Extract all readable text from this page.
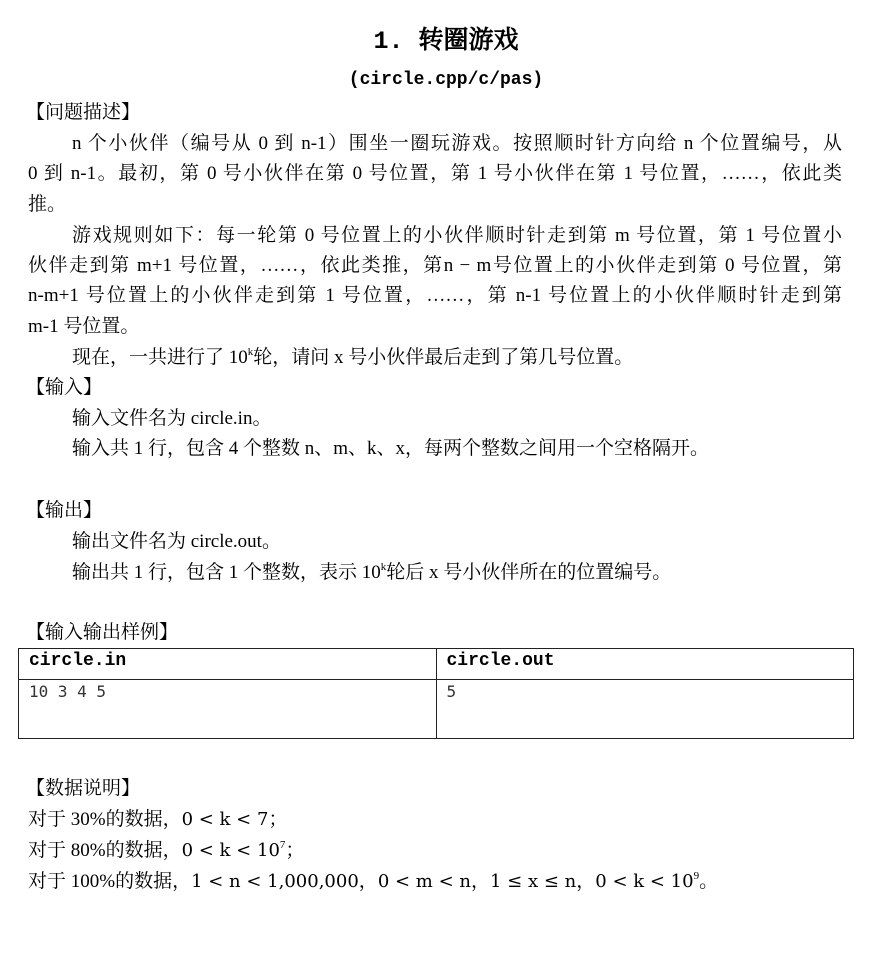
1. 转圈游戏
(circle.cpp/c/pas)
【问题描述】
n 个小伙伴（编号从 0 到 n-1）围坐一圈玩游戏。按照顺时针方向给 n 个位置编号，从
0 到 n-1。最初，第 0 号小伙伴在第 0 号位置，第 1 号小伙伴在第 1 号位置，……，依此类
推。
游戏规则如下：每一轮第 0 号位置上的小伙伴顺时针走到第 m 号位置，第 1 号位置小
伙伴走到第 m+1 号位置，……，依此类推，第n − m号位置上的小伙伴走到第 0 号位置，第
n-m+1 号位置上的小伙伴走到第 1 号位置，……，第 n-1 号位置上的小伙伴顺时针走到第
m-1 号位置。
现在，一共进行了 10$^k$轮，请问 x 号小伙伴最后走到了第几号位置。
【输入】
输入文件名为 circle.in。
输入共 1 行，包含 4 个整数 n、m、k、x，每两个整数之间用一个空格隔开。
【输出】
输出文件名为 circle.out。
输出共 1 行，包含 1 个整数，表示 10$^k$轮后 x 号小伙伴所在的位置编号。
【输入输出样例】
circle.in	circle.out
10 3 4 5	5
【数据说明】
对于 30%的数据，0 < k < 7；
对于 80%的数据，$0 < k < 10^7$；
对于 100%的数据，1 < n < 1,000,000，0 < m < n，1 ≤ x ≤ n，$0 < k < 10^9$。
